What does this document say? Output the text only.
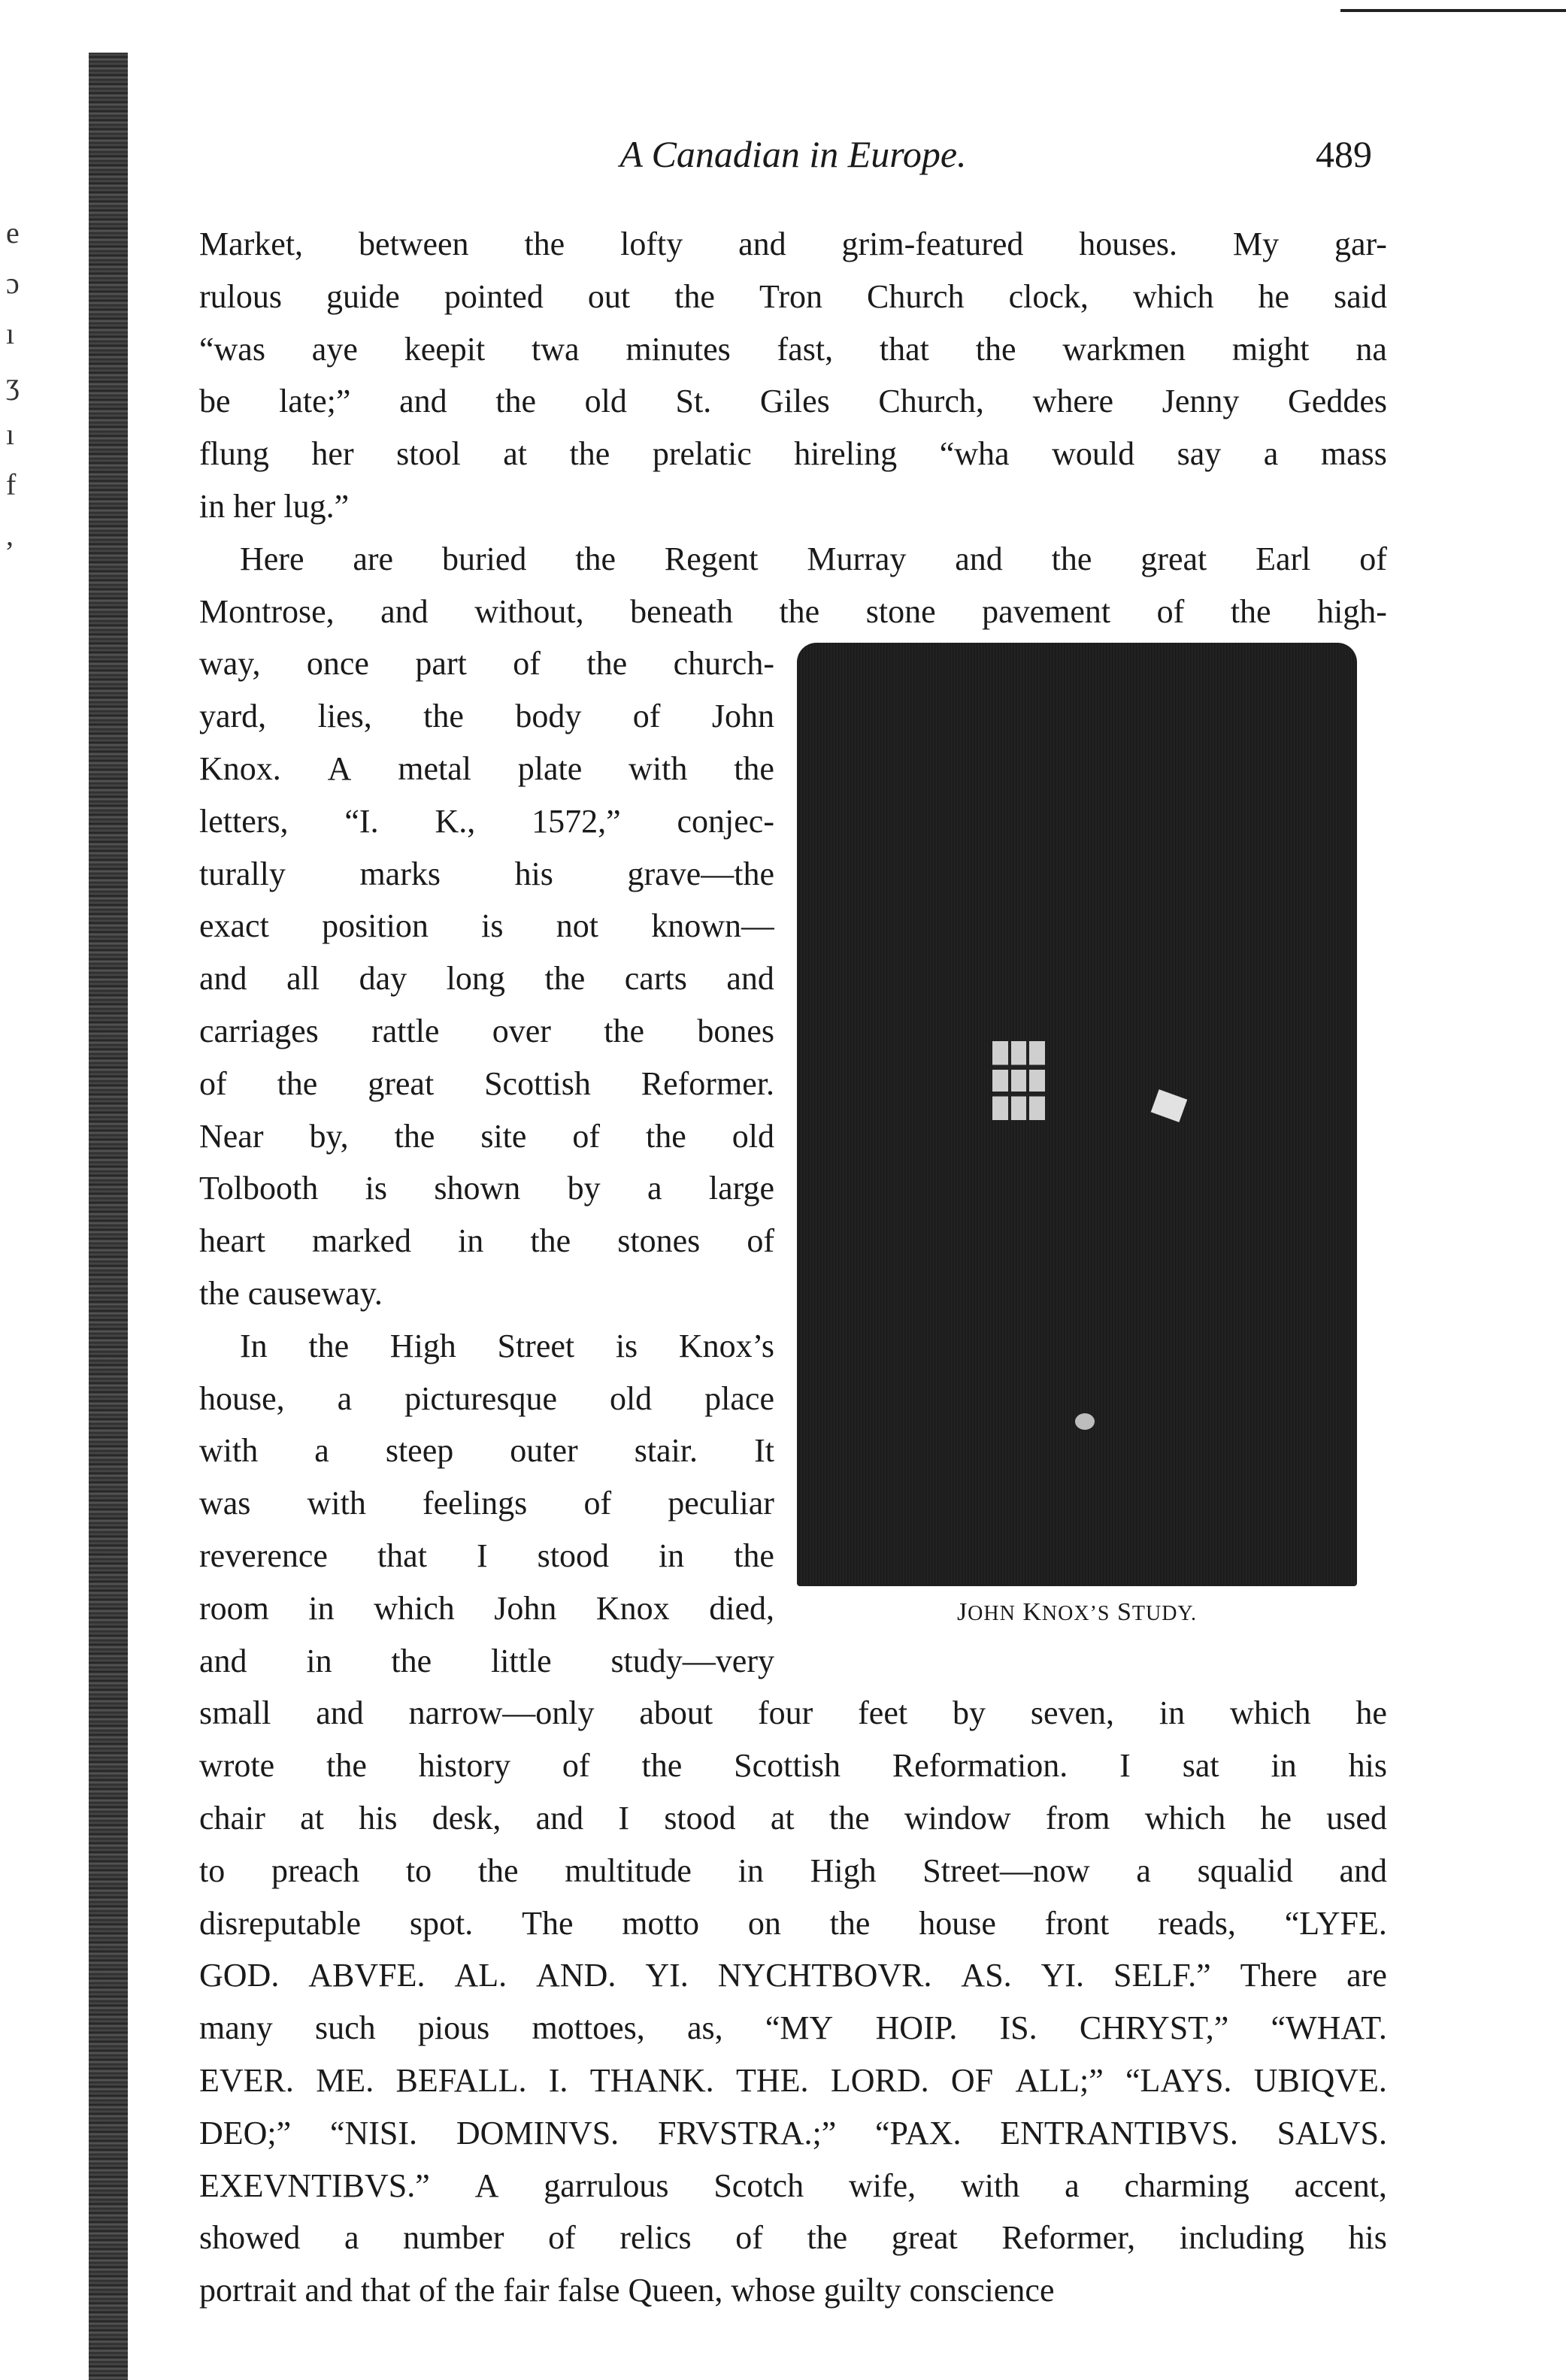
e
ɔ
ı
ʒ
ı
f
,
A Canadian in Europe.	489
Market, between the lofty and grim-featured houses. My gar-
rulous guide pointed out the Tron Church clock, which he said
“was aye keepit twa minutes fast, that the warkmen might na
be late;” and the old St. Giles Church, where Jenny Geddes
flung her stool at the prelatic hireling “wha would say a mass
in her lug.”
Here are buried the Regent Murray and the great Earl of
Montrose, and without, beneath the stone pavement of the high-
way, once part of the church-
yard, lies, the body of John
Knox. A metal plate with the
letters, “I. K., 1572,” conjec-
turally marks his grave—the
exact position is not known—
and all day long the carts and
carriages rattle over the bones
of the great Scottish Reformer.
Near by, the site of the old
Tolbooth is shown by a large
heart marked in the stones of
the causeway.
In the High Street is Knox’s
house, a picturesque old place
with a steep outer stair. It
was with feelings of peculiar
reverence that I stood in the
room in which John Knox died,
and in the little study—very
small and narrow—only about four feet by seven, in which he
wrote the history of the Scottish Reformation. I sat in his
chair at his desk, and I stood at the window from which he used
to preach to the multitude in High Street—now a squalid and
disreputable spot. The motto on the house front reads, “LYFE.
GOD. ABVFE. AL. AND. YI. NYCHTBOVR. AS. YI. SELF.” There are
many such pious mottoes, as, “MY HOIP. IS. CHRYST,” “WHAT.
EVER. ME. BEFALL. I. THANK. THE. LORD. OF ALL;” “LAYS. UBIQVE.
DEO;” “NISI. DOMINVS. FRVSTRA.;” “PAX. ENTRANTIBVS. SALVS.
EXEVNTIBVS.” A garrulous Scotch wife, with a charming accent,
showed a number of relics of the great Reformer, including his
portrait and that of the fair false Queen, whose guilty conscience
JOHN KNOX’S STUDY.
